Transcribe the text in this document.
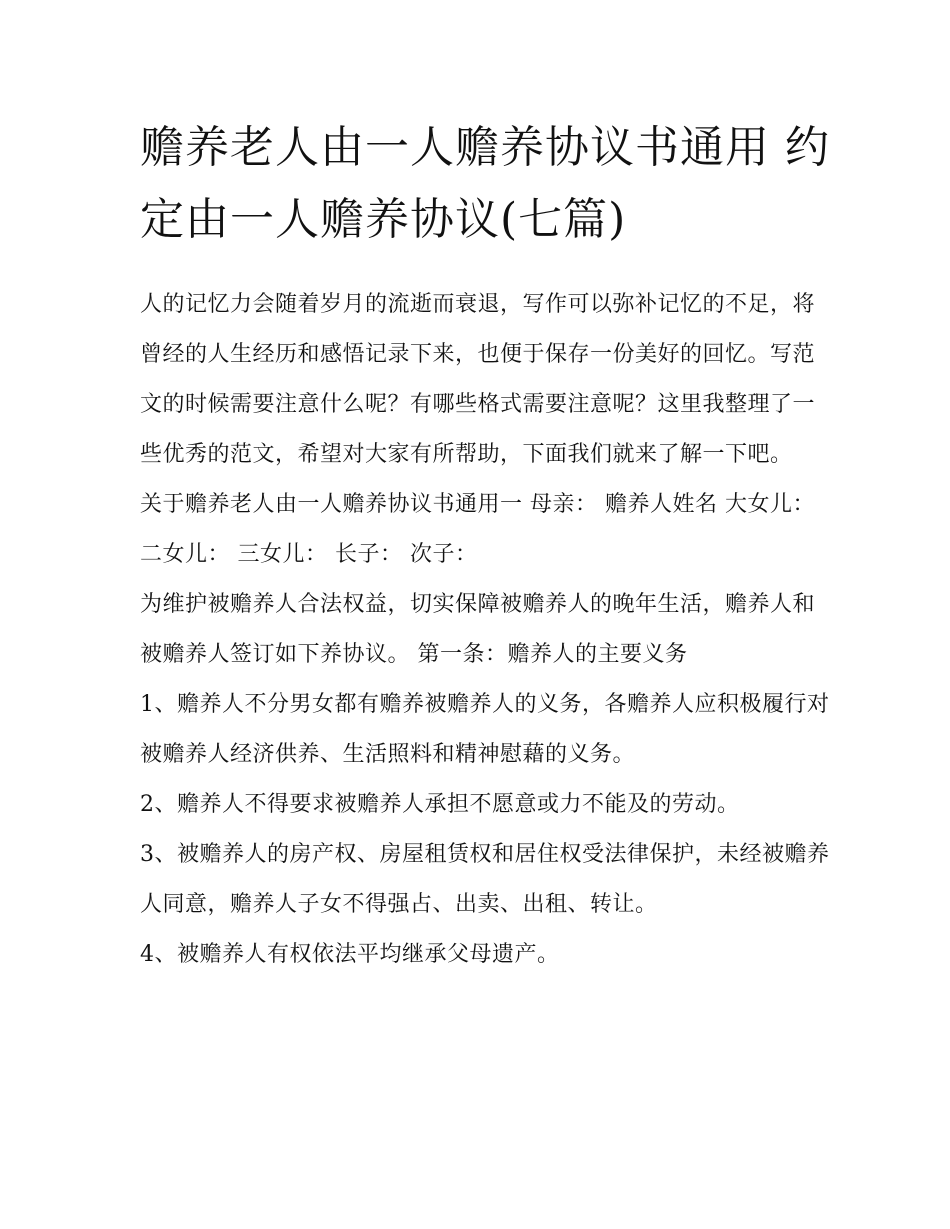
赡养老人由一人赡养协议书通用 约定由一人赡养协议(七篇)

人的记忆力会随着岁月的流逝而衰退，写作可以弥补记忆的不足，将曾经的人生经历和感悟记录下来，也便于保存一份美好的回忆。写范文的时候需要注意什么呢？有哪些格式需要注意呢？这里我整理了一些优秀的范文，希望对大家有所帮助，下面我们就来了解一下吧。

关于赡养老人由一人赡养协议书通用一 母亲： 赡养人姓名 大女儿： 二女儿： 三女儿： 长子： 次子：

为维护被赡养人合法权益，切实保障被赡养人的晚年生活，赡养人和被赡养人签订如下养协议。 第一条：赡养人的主要义务

1、赡养人不分男女都有赡养被赡养人的义务，各赡养人应积极履行对被赡养人经济供养、生活照料和精神慰藉的义务。

2、赡养人不得要求被赡养人承担不愿意或力不能及的劳动。

3、被赡养人的房产权、房屋租赁权和居住权受法律保护，未经被赡养人同意，赡养人子女不得强占、出卖、出租、转让。

4、被赡养人有权依法平均继承父母遗产。
